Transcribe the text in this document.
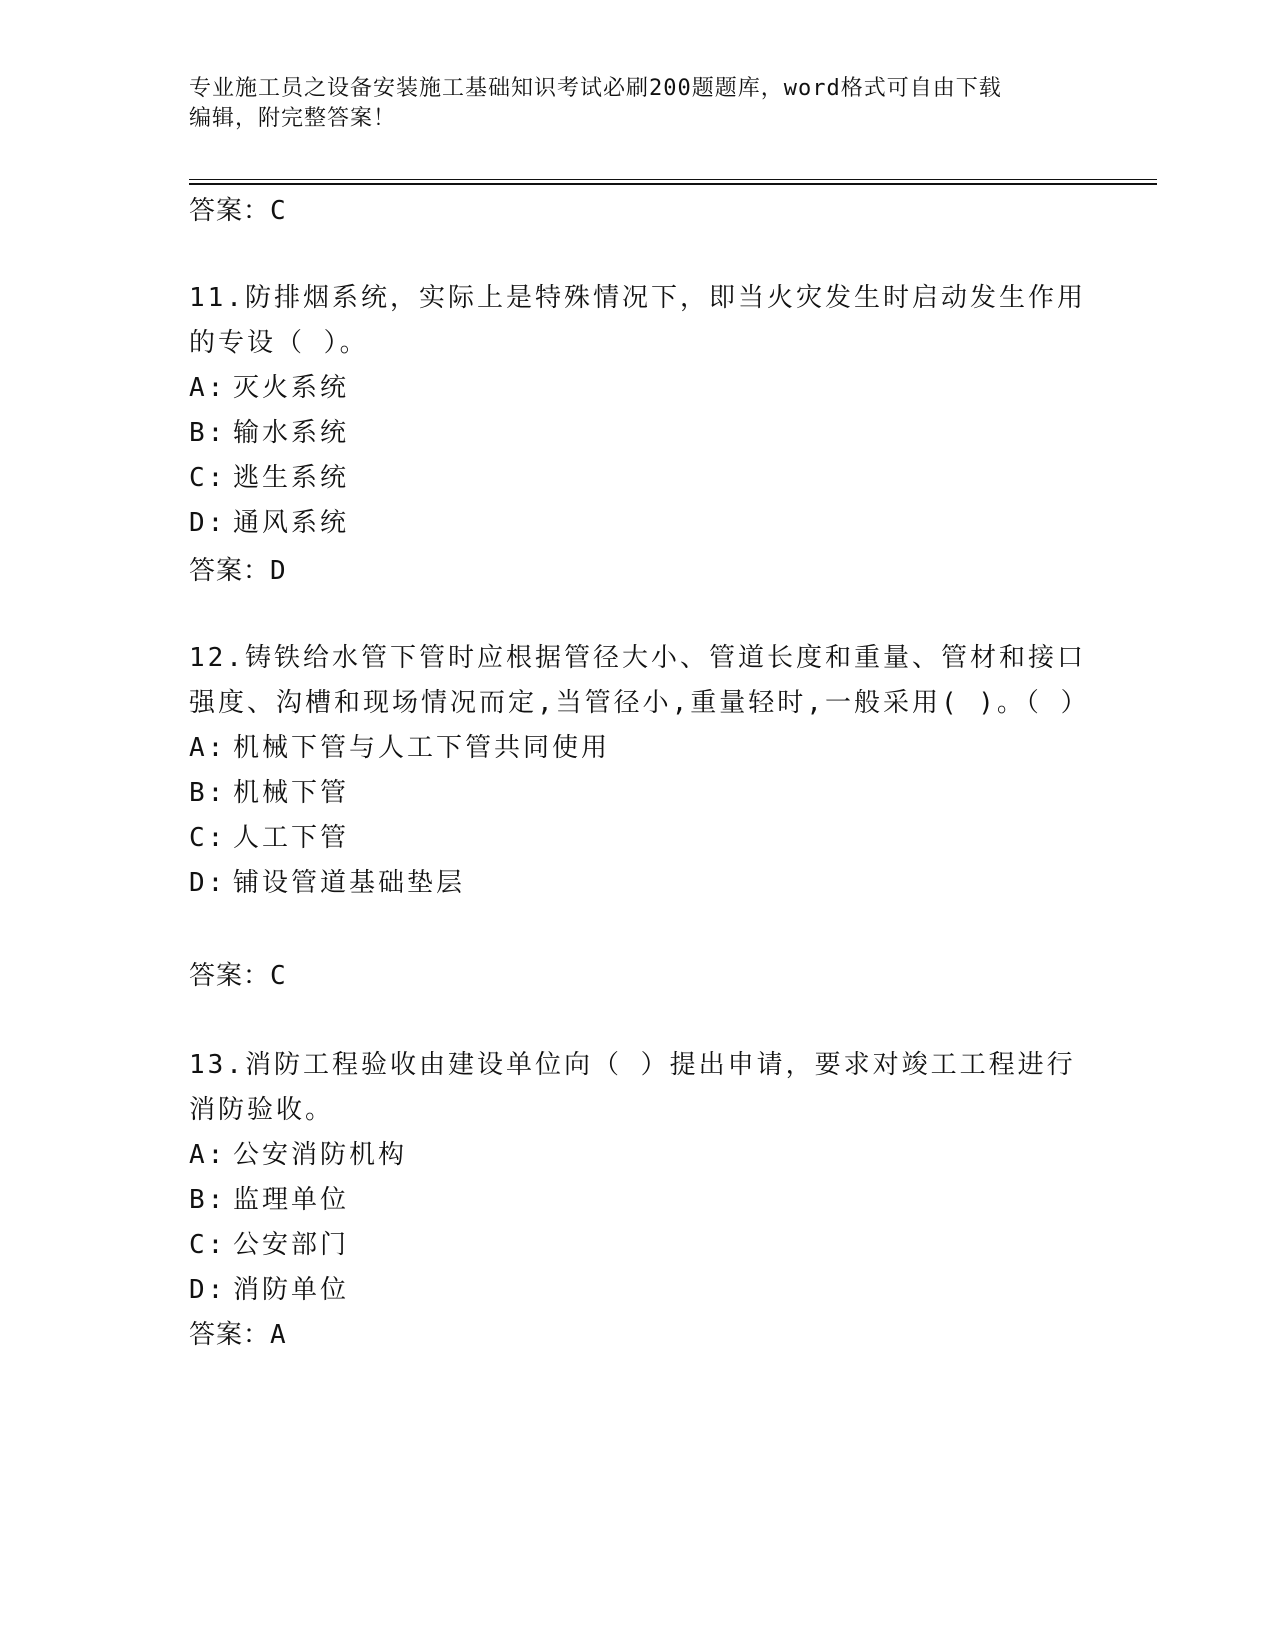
专业施工员之设备安装施工基础知识考试必刷200题题库，word格式可自由下载
编辑，附完整答案！
答案：C

11.防排烟系统，实际上是特殊情况下，即当火灾发生时启动发生作用的专设（ ）。

A: 灭火系统
B: 输水系统
C: 逃生系统
D: 通风系统
答案：D

12.铸铁给水管下管时应根据管径大小、管道长度和重量、管材和接口强度、沟槽和现场情况而定,当管径小,重量轻时,一般采用( )。（ ）

A: 机械下管与人工下管共同使用
B: 机械下管
C: 人工下管
D: 铺设管道基础垫层
答案：C

13.消防工程验收由建设单位向（ ）提出申请，要求对竣工工程进行消防验收。

A: 公安消防机构
B: 监理单位
C: 公安部门
D: 消防单位
答案：A
